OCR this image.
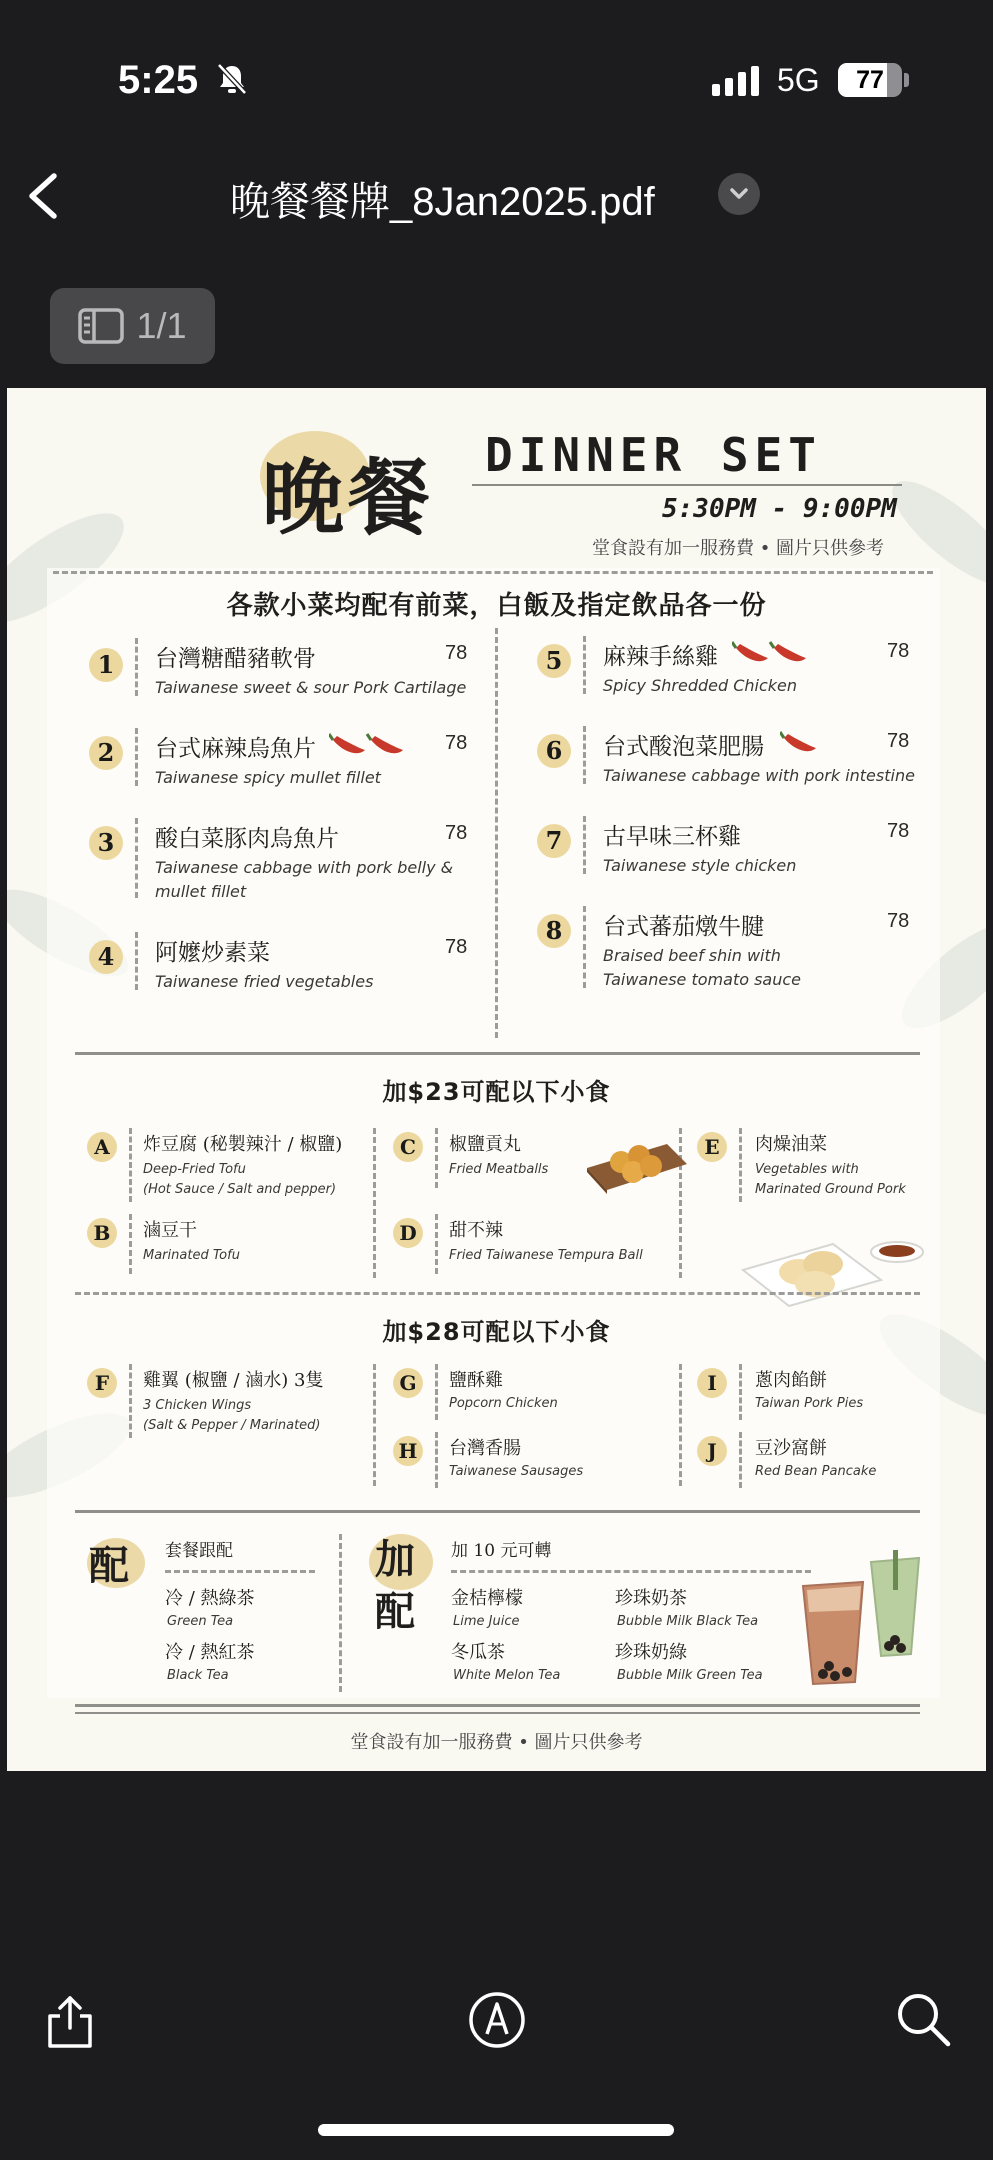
5:25	5G	77
晚餐餐牌_8Jan2025.pdf
1/1
晚餐 DINNER SET
5:30PM - 9:00PM
堂食設有加一服務費 • 圖片只供參考
各款小菜均配有前菜，白飯及指定飲品各一份
1	台灣糖醋豬軟骨	78
Taiwanese sweet & sour Pork Cartilage
2	台式麻辣烏魚片	78
Taiwanese spicy mullet fillet
3	酸白菜豚肉烏魚片	78
Taiwanese cabbage with pork belly &
mullet fillet
4	阿嬤炒素菜	78
Taiwanese fried vegetables
5	麻辣手絲雞	78
Spicy Shredded Chicken
6	台式酸泡菜肥腸	78
Taiwanese cabbage with pork intestine
7	古早味三杯雞	78
Taiwanese style chicken
8	台式蕃茄燉牛腱	78
Braised beef shin with
Taiwanese tomato sauce
加$23可配以下小食
A	炸豆腐 (秘製辣汁 / 椒鹽)
Deep-Fried Tofu
(Hot Sauce / Salt and pepper)
B	滷豆干
Marinated Tofu
C	椒鹽貢丸
Fried Meatballs
D	甜不辣
Fried Taiwanese Tempura Ball
E	肉燥油菜
Vegetables with
Marinated Ground Pork
加$28可配以下小食
F	雞翼 (椒鹽 / 滷水) 3隻
3 Chicken Wings
(Salt & Pepper / Marinated)
G	鹽酥雞
Popcorn Chicken
H	台灣香腸
Taiwanese Sausages
I	蔥肉餡餅
Taiwan Pork Pies
J	豆沙窩餅
Red Bean Pancake
配 套餐跟配
冷 / 熱綠茶
Green Tea
冷 / 熱紅茶
Black Tea
加
配
加 10 元可轉
金桔檸檬
Lime Juice
冬瓜茶
White Melon Tea
珍珠奶茶
Bubble Milk Black Tea
珍珠奶綠
Bubble Milk Green Tea
堂食設有加一服務費 • 圖片只供參考
